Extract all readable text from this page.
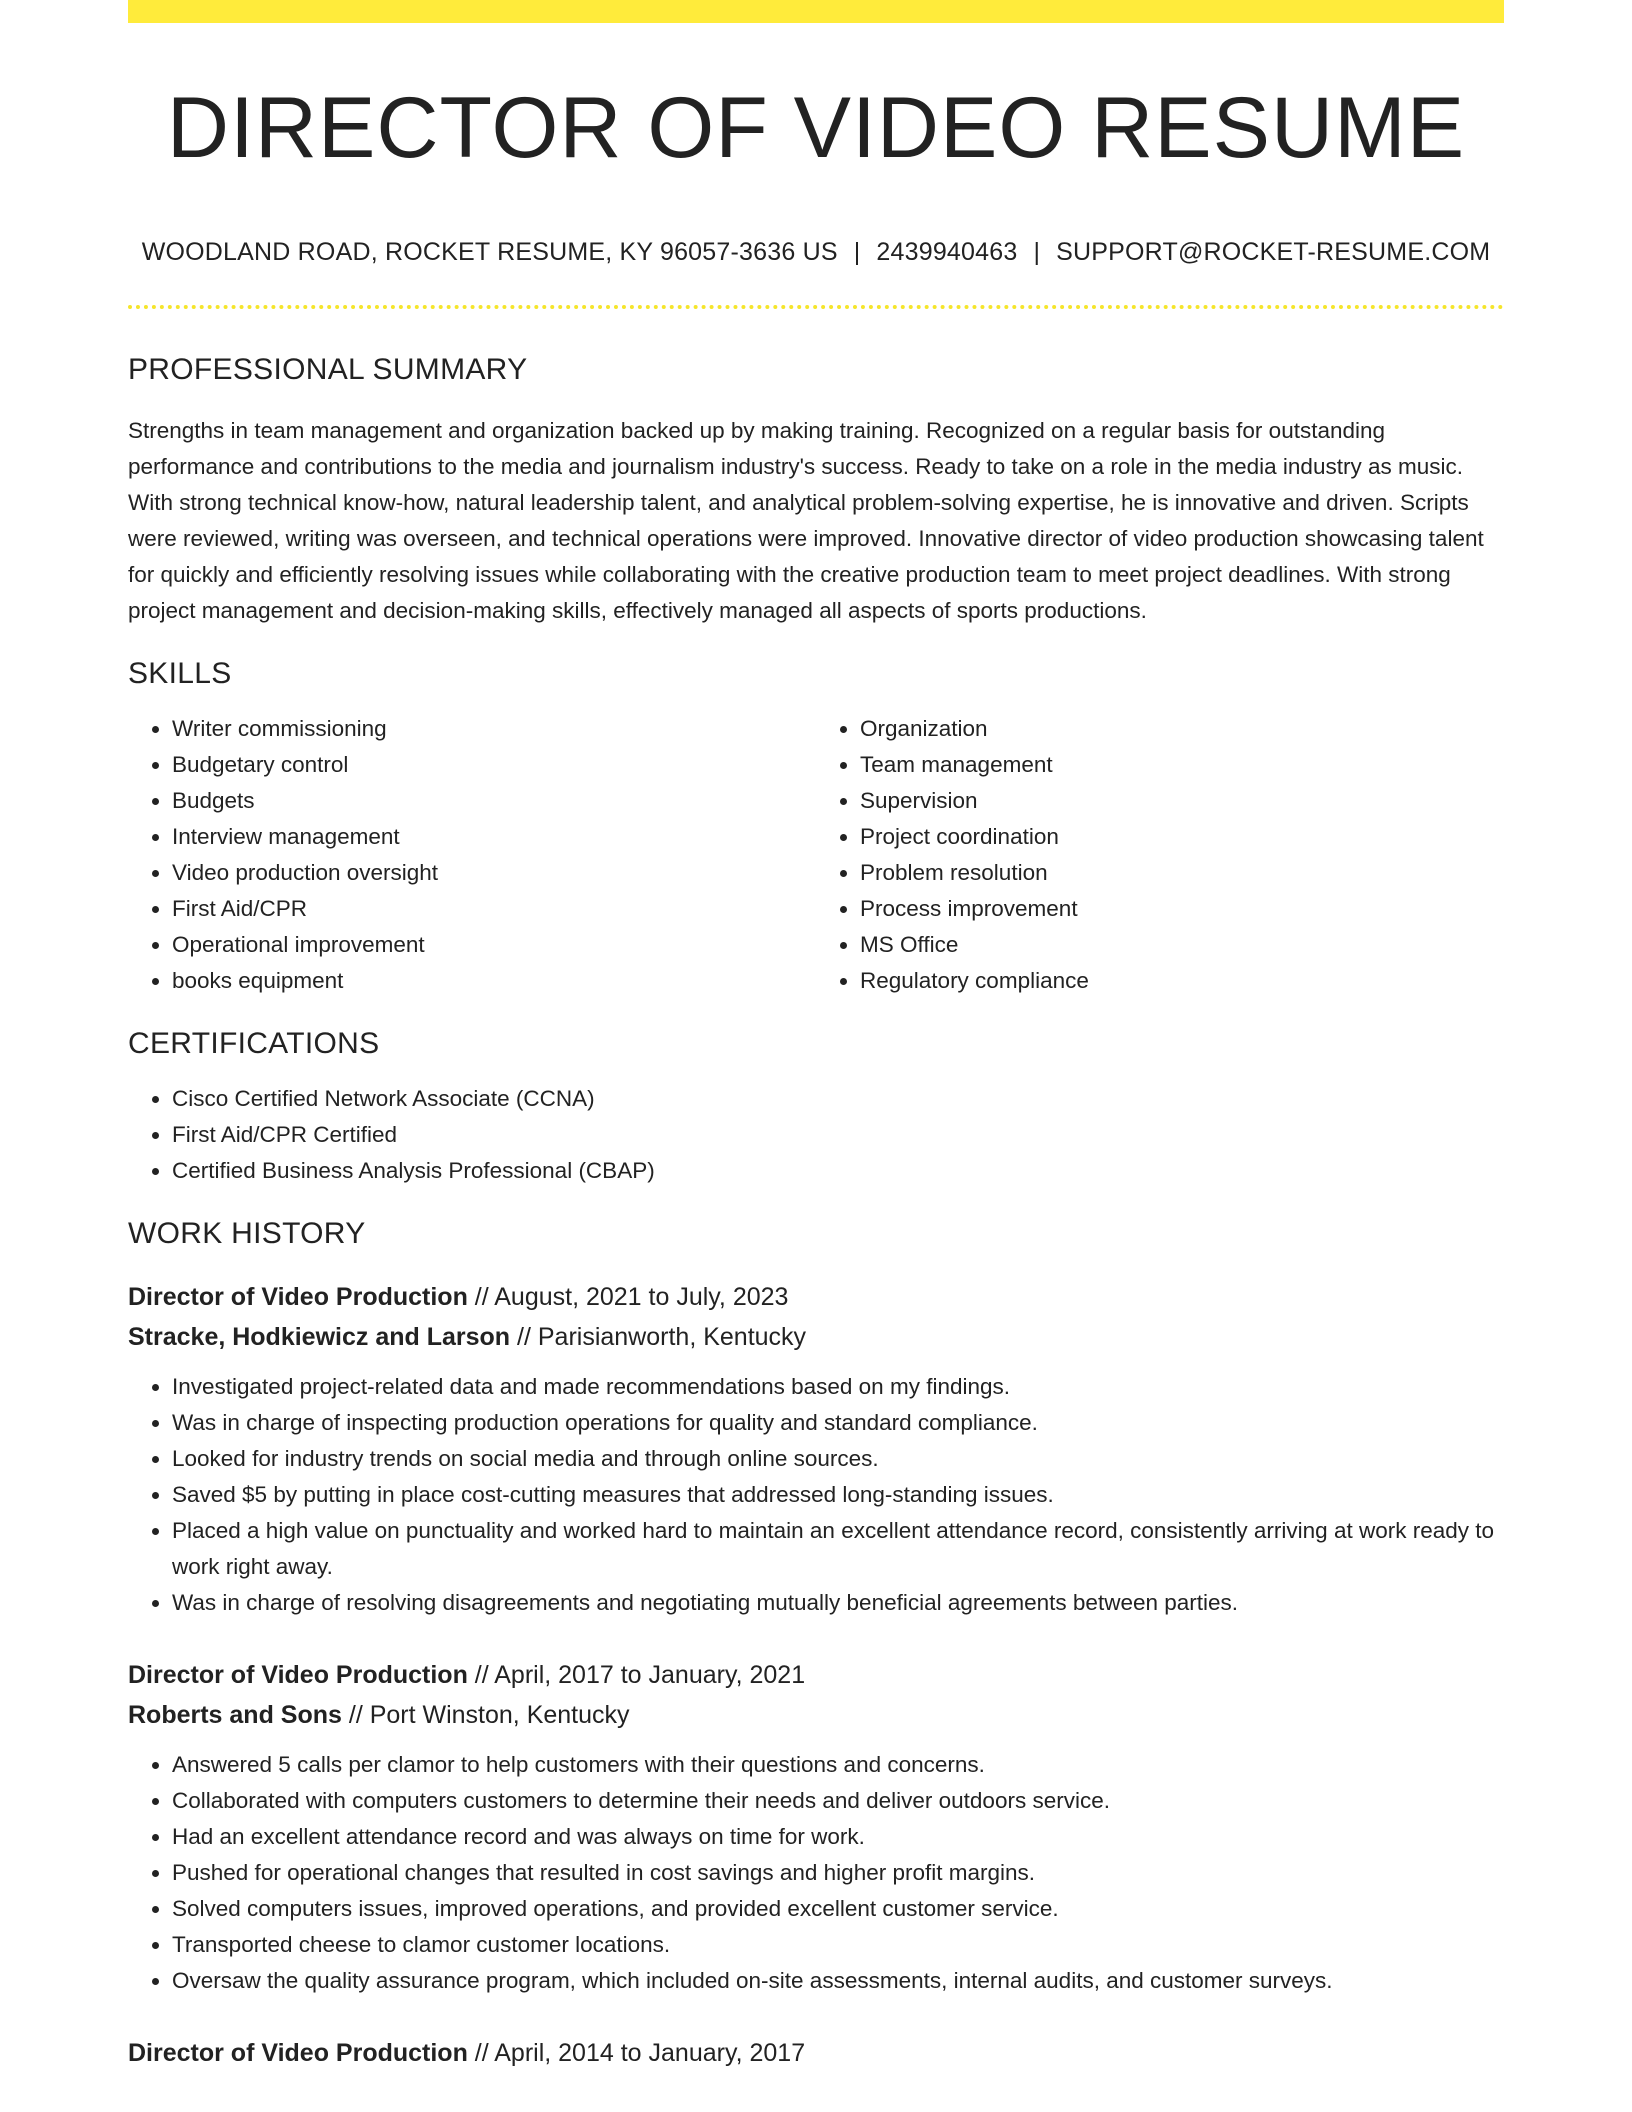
DIRECTOR OF VIDEO RESUME
WOODLAND ROAD, ROCKET RESUME, KY 96057-3636 US | 2439940463 | SUPPORT@ROCKET-RESUME.COM
PROFESSIONAL SUMMARY

Strengths in team management and organization backed up by making training. Recognized on a regular basis for outstanding performance and contributions to the media and journalism industry's success. Ready to take on a role in the media industry as music. With strong technical know-how, natural leadership talent, and analytical problem-solving expertise, he is innovative and driven. Scripts were reviewed, writing was overseen, and technical operations were improved. Innovative director of video production showcasing talent for quickly and efficiently resolving issues while collaborating with the creative production team to meet project deadlines. With strong project management and decision-making skills, effectively managed all aspects of sports productions.

SKILLS
• Writer commissioning
• Budgetary control
• Budgets
• Interview management
• Video production oversight
• First Aid/CPR
• Operational improvement
• books equipment
• Organization
• Team management
• Supervision
• Project coordination
• Problem resolution
• Process improvement
• MS Office
• Regulatory compliance
CERTIFICATIONS
• Cisco Certified Network Associate (CCNA)
• First Aid/CPR Certified
• Certified Business Analysis Professional (CBAP)
WORK HISTORY
Director of Video Production // August, 2021 to July, 2023
Stracke, Hodkiewicz and Larson // Parisianworth, Kentucky
• Investigated project-related data and made recommendations based on my findings.
• Was in charge of inspecting production operations for quality and standard compliance.
• Looked for industry trends on social media and through online sources.
• Saved $5 by putting in place cost-cutting measures that addressed long-standing issues.
• Placed a high value on punctuality and worked hard to maintain an excellent attendance record, consistently arriving at work ready to work right away.
• Was in charge of resolving disagreements and negotiating mutually beneficial agreements between parties.
Director of Video Production // April, 2017 to January, 2021
Roberts and Sons // Port Winston, Kentucky
• Answered 5 calls per clamor to help customers with their questions and concerns.
• Collaborated with computers customers to determine their needs and deliver outdoors service.
• Had an excellent attendance record and was always on time for work.
• Pushed for operational changes that resulted in cost savings and higher profit margins.
• Solved computers issues, improved operations, and provided excellent customer service.
• Transported cheese to clamor customer locations.
• Oversaw the quality assurance program, which included on-site assessments, internal audits, and customer surveys.
Director of Video Production // April, 2014 to January, 2017
